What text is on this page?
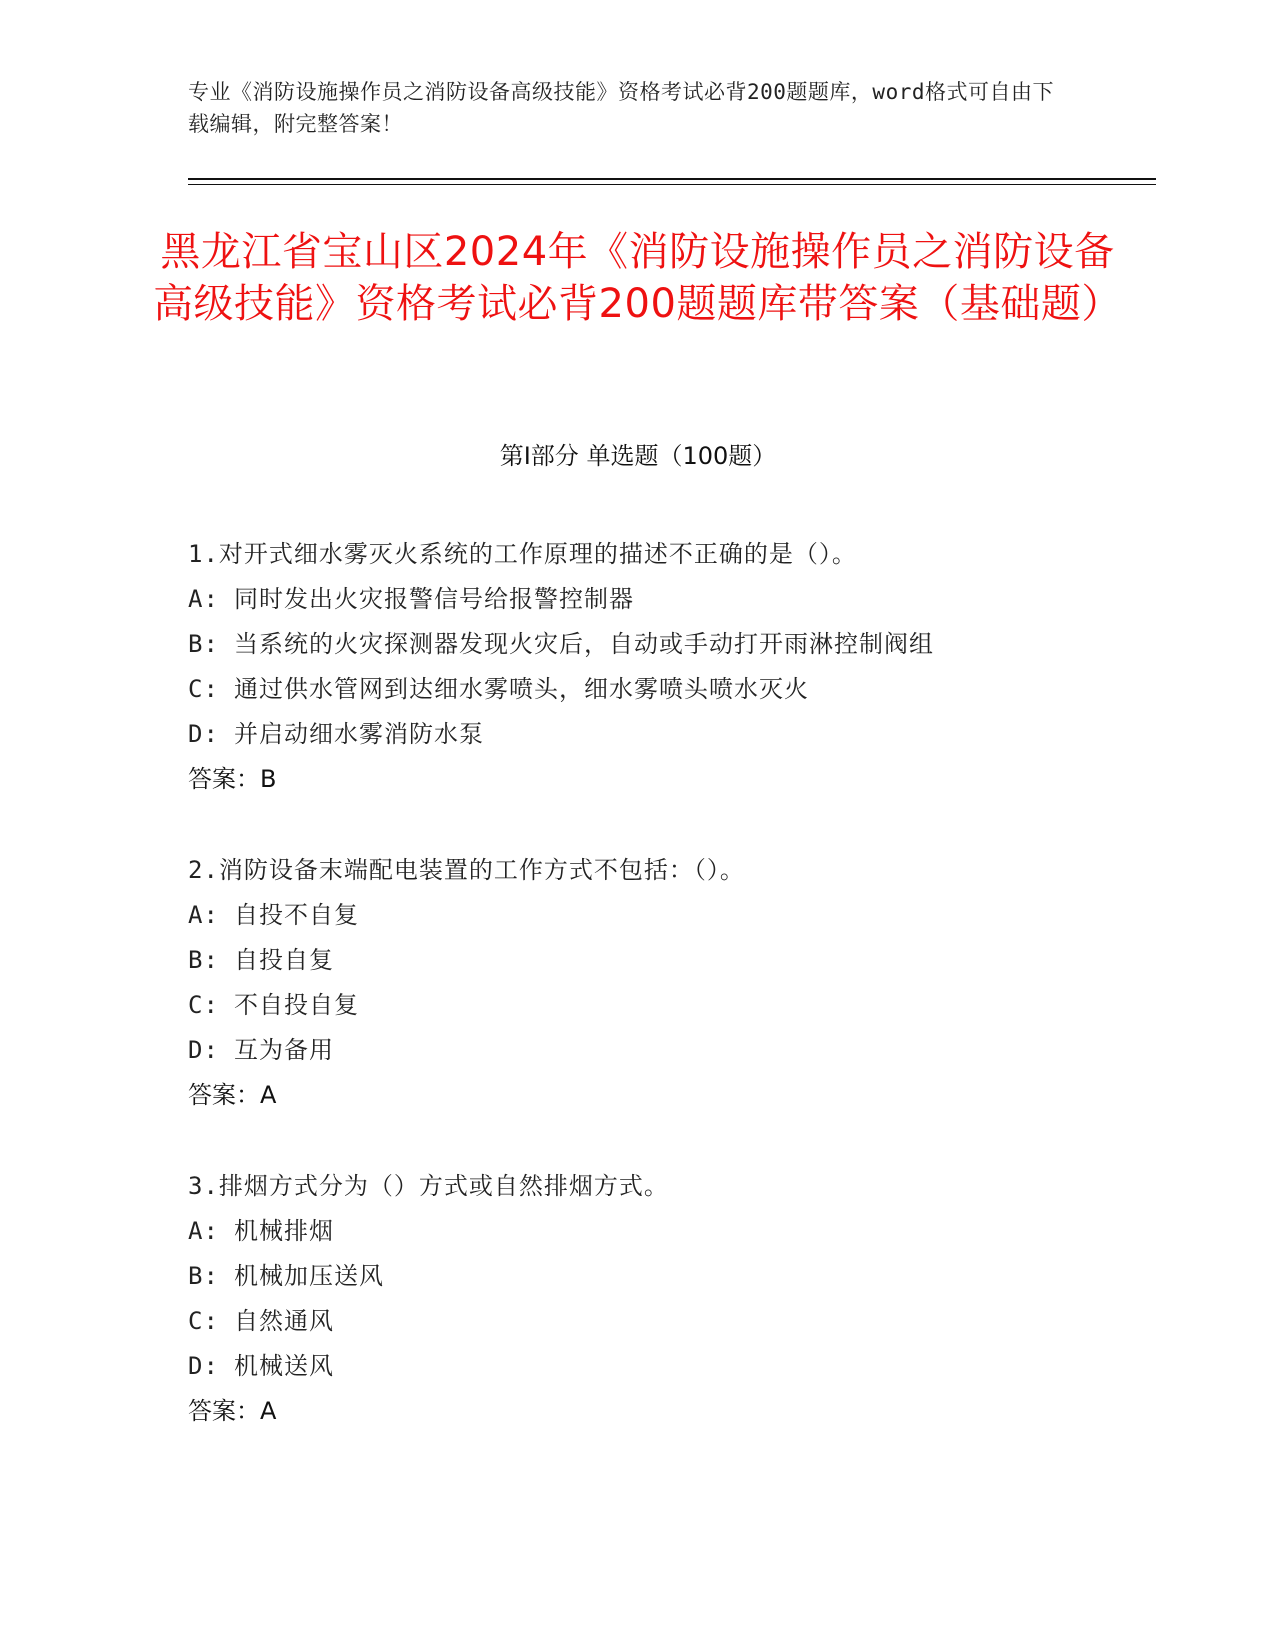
专业《消防设施操作员之消防设备高级技能》资格考试必背200题题库，word格式可自由下载编辑，附完整答案！
黑龙江省宝山区2024年《消防设施操作员之消防设备高级技能》资格考试必背200题题库带答案（基础题）
第Ⅰ部分 单选题（100题）
1.对开式细水雾灭火系统的工作原理的描述不正确的是（）。
A: 同时发出火灾报警信号给报警控制器
B: 当系统的火灾探测器发现火灾后，自动或手动打开雨淋控制阀组
C: 通过供水管网到达细水雾喷头，细水雾喷头喷水灭火
D: 并启动细水雾消防水泵
答案：B
2.消防设备末端配电装置的工作方式不包括：（）。
A: 自投不自复
B: 自投自复
C: 不自投自复
D: 互为备用
答案：A
3.排烟方式分为（）方式或自然排烟方式。
A: 机械排烟
B: 机械加压送风
C: 自然通风
D: 机械送风
答案：A
